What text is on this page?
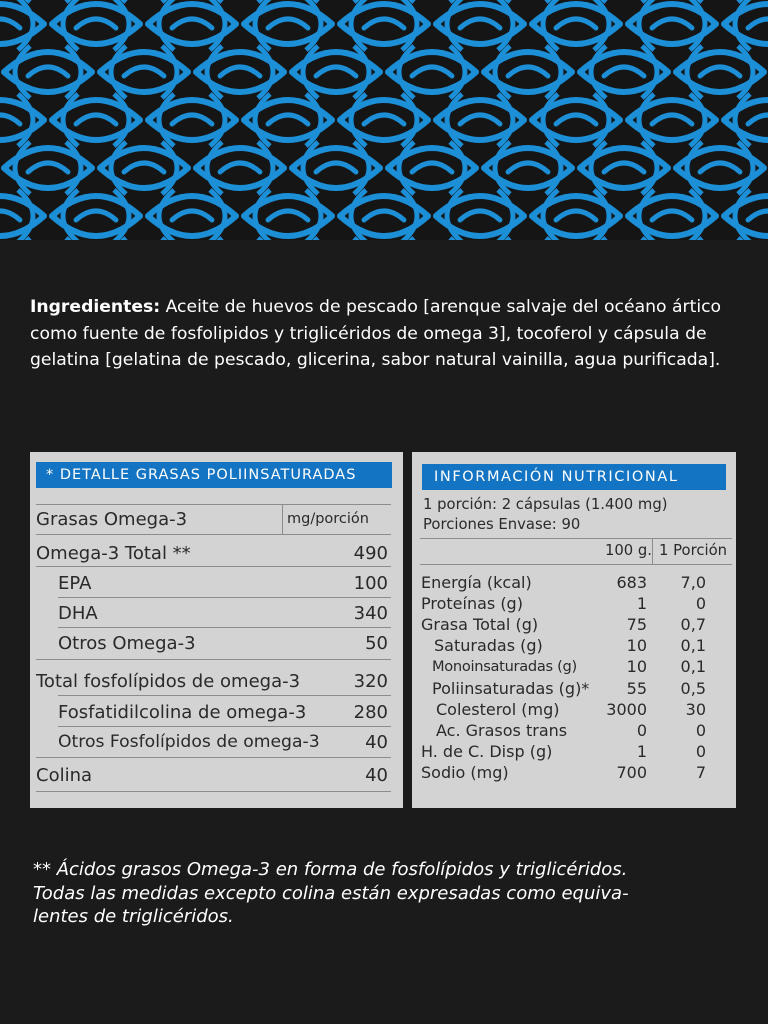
Ingredientes: Aceite de huevos de pescado [arenque salvaje del océano ártico
como fuente de fosfolipidos y triglicéridos de omega 3], tocoferol y cápsula de
gelatina [gelatina de pescado, glicerina, sabor natural vainilla, agua purificada].
* DETALLE GRASAS POLIINSATURADAS
Grasas Omega-3	mg/porción
Omega-3 Total **	490
EPA	100
DHA	340
Otros Omega-3	50
Total fosfolípidos de omega-3	320
Fosfatidilcolina de omega-3	280
Otros Fosfolípidos de omega-3	40
Colina	40
INFORMACIÓN NUTRICIONAL
1 porción: 2 cápsulas (1.400 mg)
Porciones Envase: 90
100 g. 1 Porción
Energía (kcal)	683 7,0
Proteínas (g)	1	0
Grasa Total (g)	75 0,7
Saturadas (g)	10 0,1
Monoinsaturadas (g)	10 0,1
Poliinsaturadas (g)* 55 0,5
Colesterol (mg)	3000 30
Ac. Grasos trans	0	0
H. de C. Disp (g)	1	0
Sodio (mg)	700	7
** Ácidos grasos Omega-3 en forma de fosfolípidos y triglicéridos.
Todas las medidas excepto colina están expresadas como equiva-
lentes de triglicéridos.
